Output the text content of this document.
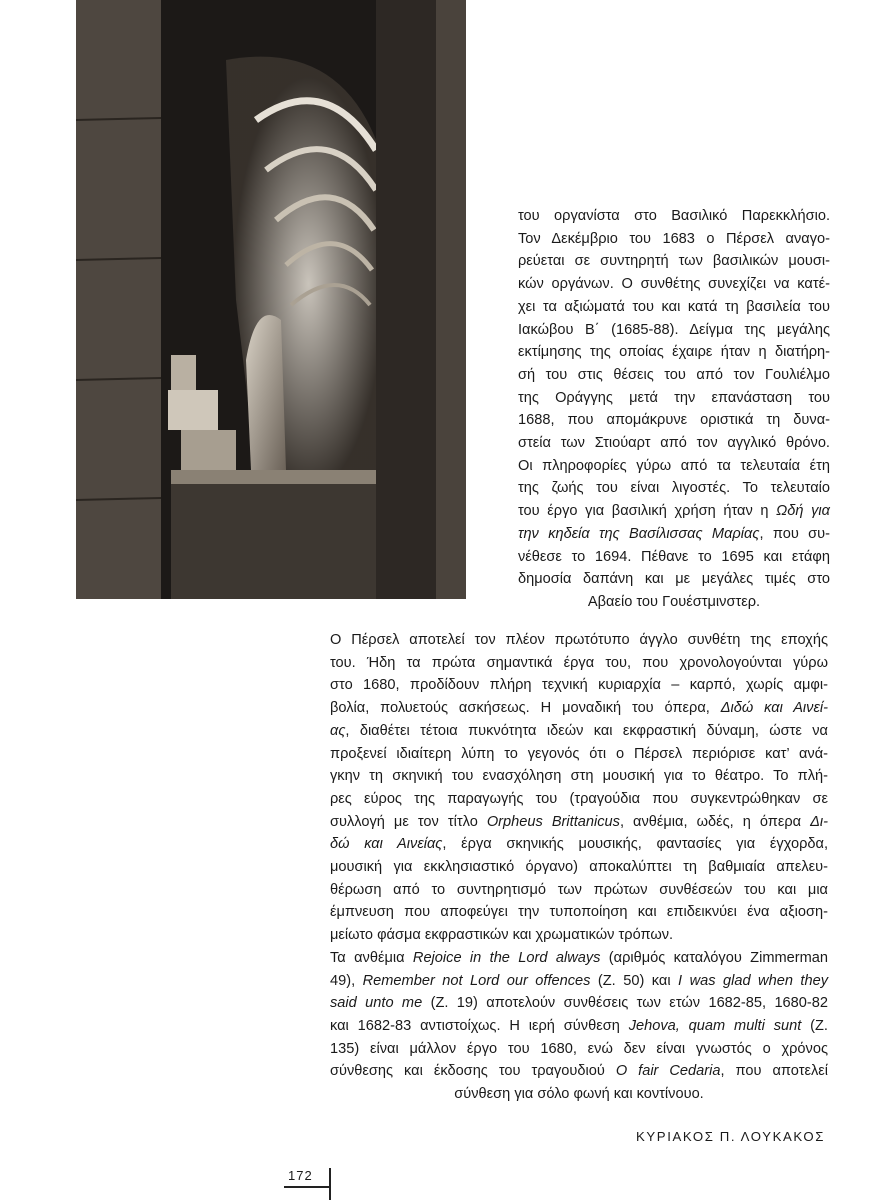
του οργανίστα στο Βασιλικό Παρεκκλήσιο.

Τον Δεκέμβριο του 1683 ο Πέρσελ αναγο-

ρεύεται σε συντηρητή των βασιλικών μουσι-

κών οργάνων. Ο συνθέτης συνεχίζει να κατέ-

χει τα αξιώματά του και κατά τη βασιλεία του

Ιακώβου Β΄ (1685-88). Δείγμα της μεγάλης

εκτίμησης της οποίας έχαιρε ήταν η διατήρη-

σή του στις θέσεις του από τον Γουλιέλμο

της Οράγγης μετά την επανάσταση του

1688, που απομάκρυνε οριστικά τη δυνα-

στεία των Στιούαρτ από τον αγγλικό θρόνο.

Οι πληροφορίες γύρω από τα τελευταία έτη

της ζωής του είναι λιγοστές. Το τελευταίο

του έργο για βασιλική χρήση ήταν η Ωδή για

την κηδεία της Βασίλισσας Μαρίας, που συ-

νέθεσε το 1694. Πέθανε το 1695 και ετάφη

δημοσία δαπάνη και με μεγάλες τιμές στο

Αβαείο του Γουέστμινστερ.

Ο Πέρσελ αποτελεί τον πλέον πρωτότυπο άγγλο συνθέτη της εποχής

του. Ήδη τα πρώτα σημαντικά έργα του, που χρονολογούνται γύρω

στο 1680, προδίδουν πλήρη τεχνική κυριαρχία – καρπό, χωρίς αμφι-

βολία, πολυετούς ασκήσεως. Η μοναδική του όπερα, Διδώ και Αινεί-

ας, διαθέτει τέτοια πυκνότητα ιδεών και εκφραστική δύναμη, ώστε να

προξενεί ιδιαίτερη λύπη το γεγονός ότι ο Πέρσελ περιόρισε κατ’ ανά-

γκην τη σκηνική του ενασχόληση στη μουσική για το θέατρο. Το πλή-

ρες εύρος της παραγωγής του (τραγούδια που συγκεντρώθηκαν σε

συλλογή με τον τίτλο Orpheus Brittanicus, ανθέμια, ωδές, η όπερα Δι-

δώ και Αινείας, έργα σκηνικής μουσικής, φαντασίες για έγχορδα,

μουσική για εκκλησιαστικό όργανο) αποκαλύπτει τη βαθμιαία απελευ-

θέρωση από το συντηρητισμό των πρώτων συνθέσεών του και μια

έμπνευση που αποφεύγει την τυποποίηση και επιδεικνύει ένα αξιοση-

μείωτο φάσμα εκφραστικών και χρωματικών τρόπων.

Τα ανθέμια Rejoice in the Lord always (αριθμός καταλόγου Zimmerman

49), Remember not Lord our offences (Z. 50) και I was glad when they

said unto me (Z. 19) αποτελούν συνθέσεις των ετών 1682-85, 1680-82

και 1682-83 αντιστοίχως. Η ιερή σύνθεση Jehova, quam multi sunt (Z.

135) είναι μάλλον έργο του 1680, ενώ δεν είναι γνωστός ο χρόνος

σύνθεσης και έκδοσης του τραγουδιού O fair Cedaria, που αποτελεί

σύνθεση για σόλο φωνή και κοντίνουο.

ΚΥΡΙΑΚΟΣ Π. ΛΟΥΚΑΚΟΣ
172
